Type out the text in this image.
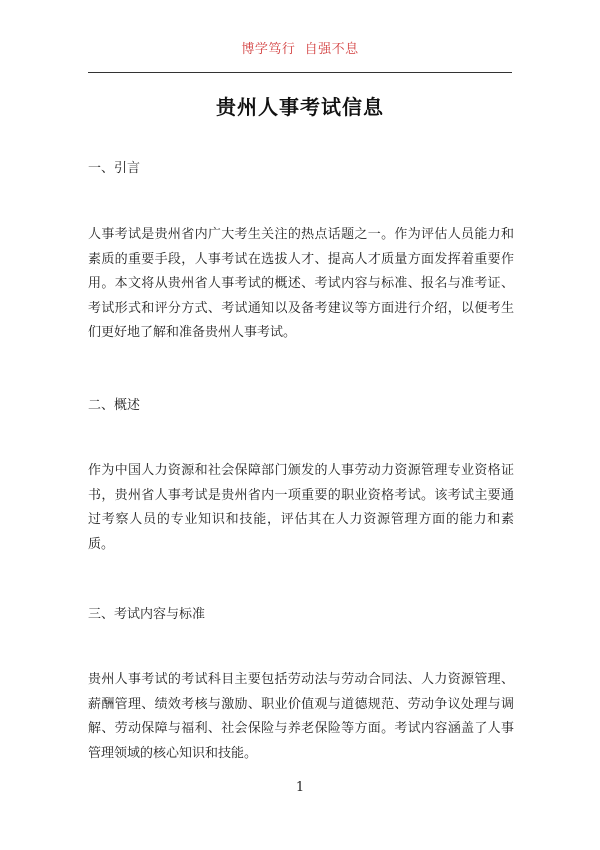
博学笃行  自强不息
贵州人事考试信息
一、引言
人事考试是贵州省内广大考生关注的热点话题之一。作为评估人员能力和素质的重要手段，人事考试在选拔人才、提高人才质量方面发挥着重要作用。本文将从贵州省人事考试的概述、考试内容与标准、报名与准考证、考试形式和评分方式、考试通知以及备考建议等方面进行介绍，以便考生们更好地了解和准备贵州人事考试。
二、概述
作为中国人力资源和社会保障部门颁发的人事劳动力资源管理专业资格证书，贵州省人事考试是贵州省内一项重要的职业资格考试。该考试主要通过考察人员的专业知识和技能，评估其在人力资源管理方面的能力和素质。
三、考试内容与标准
贵州人事考试的考试科目主要包括劳动法与劳动合同法、人力资源管理、薪酬管理、绩效考核与激励、职业价值观与道德规范、劳动争议处理与调解、劳动保障与福利、社会保险与养老保险等方面。考试内容涵盖了人事管理领域的核心知识和技能。
1
